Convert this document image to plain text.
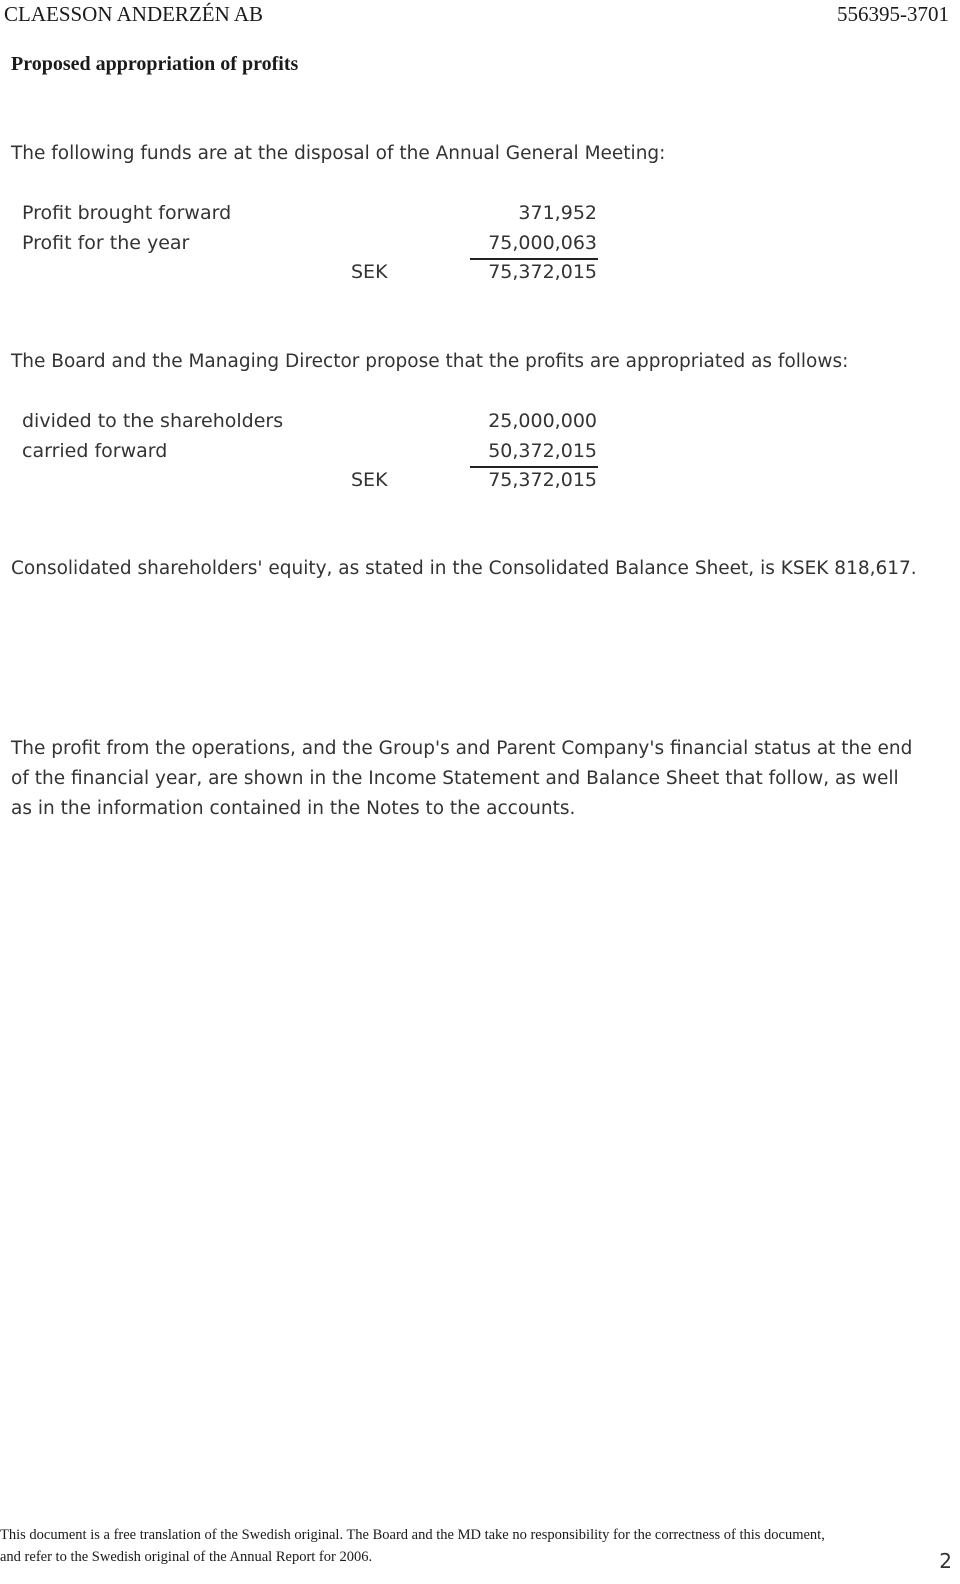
CLAESSON ANDERZÉN AB	556395-3701
Proposed appropriation of profits
The following funds are at the disposal of the Annual General Meeting:
Profit brought forward	371,952
Profit for the year	75,000,063
SEK	75,372,015
The Board and the Managing Director propose that the profits are appropriated as follows:
divided to the shareholders	25,000,000
carried forward	50,372,015
SEK	75,372,015
Consolidated shareholders' equity, as stated in the Consolidated Balance Sheet, is KSEK 818,617.
The profit from the operations, and the Group's and Parent Company's financial status at the end of the financial year, are shown in the Income Statement and Balance Sheet that follow, as well as in the information contained in the Notes to the accounts.
This document is a free translation of the Swedish original. The Board and the MD take no responsibility for the correctness of this document,
and refer to the Swedish original of the Annual Report for 2006.	2
